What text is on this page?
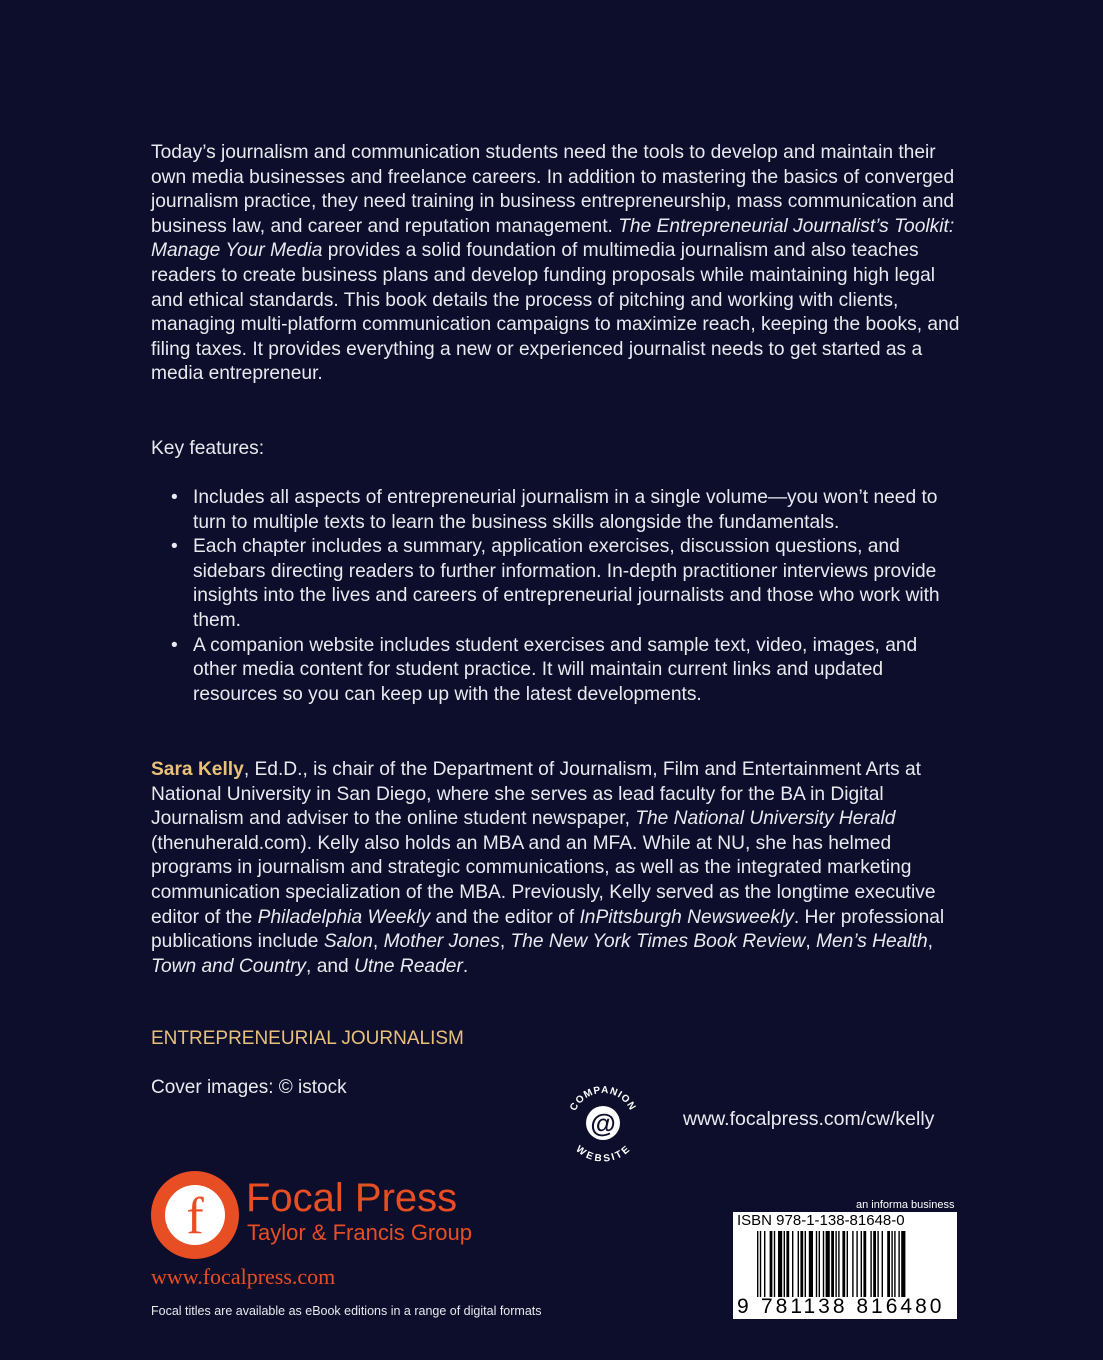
Today’s journalism and communication students need the tools to develop and maintain their own media businesses and freelance careers. In addition to mastering the basics of converged journalism practice, they need training in business entrepreneurship, mass communication and business law, and career and reputation management. The Entrepreneurial Journalist’s Toolkit: Manage Your Media provides a solid foundation of multimedia journalism and also teaches readers to create business plans and develop funding proposals while maintaining high legal and ethical standards. This book details the process of pitching and working with clients, managing multi-platform communication campaigns to maximize reach, keeping the books, and filing taxes. It provides everything a new or experienced journalist needs to get started as a media entrepreneur.
Key features:
• Includes all aspects of entrepreneurial journalism in a single volume—you won’t need to turn to multiple texts to learn the business skills alongside the fundamentals.
• Each chapter includes a summary, application exercises, discussion questions, and sidebars directing readers to further information. In-depth practitioner interviews provide insights into the lives and careers of entrepreneurial journalists and those who work with them.
• A companion website includes student exercises and sample text, video, images, and other media content for student practice. It will maintain current links and updated resources so you can keep up with the latest developments.
Sara Kelly, Ed.D., is chair of the Department of Journalism, Film and Entertainment Arts at National University in San Diego, where she serves as lead faculty for the BA in Digital Journalism and adviser to the online student newspaper, The National University Herald (thenuherald.com). Kelly also holds an MBA and an MFA. While at NU, she has helmed programs in journalism and strategic communications, as well as the integrated marketing communication specialization of the MBA. Previously, Kelly served as the longtime executive editor of the Philadelphia Weekly and the editor of InPittsburgh Newsweekly. Her professional publications include Salon, Mother Jones, The New York Times Book Review, Men’s Health, Town and Country, and Utne Reader.
ENTREPRENEURIAL JOURNALISM
Cover images: © istock
COMPANION
@
WEBSITE
www.focalpress.com/cw/kelly
f Focal Press
Taylor & Francis Group
www.focalpress.com
Focal titles are available as eBook editions in a range of digital formats
an informa business
ISBN 978-1-138-81648-0
9 781138 816480
